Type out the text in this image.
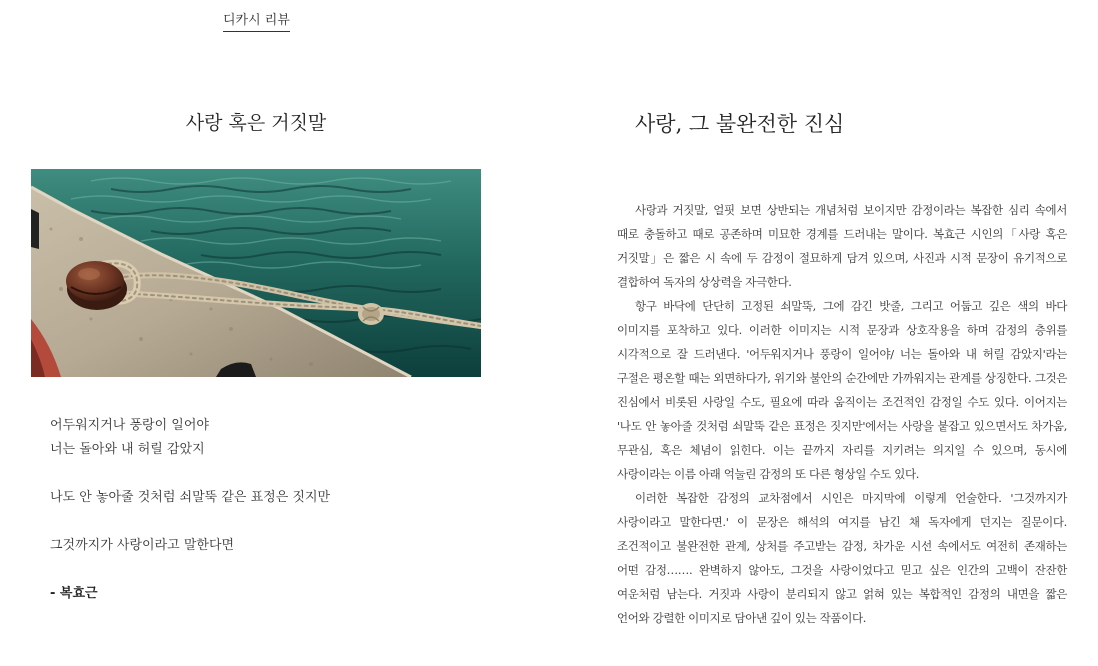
디카시 리뷰
사랑 혹은 거짓말
어두워지거나 풍랑이 일어야
너는 돌아와 내 허릴 감았지
나도 안 놓아줄 것처럼 쇠말뚝 같은 표정은 짓지만
그것까지가 사랑이라고 말한다면
- 복효근
사랑, 그 불완전한 진심

사랑과 거짓말, 얼핏 보면 상반되는 개념처럼 보이지만 감정이라는 복잡한 심리 속에서 때로 충돌하고 때로 공존하며 미묘한 경계를 드러내는 말이다. 복효근 시인의「사랑 혹은 거짓말」은 짧은 시 속에 두 감정이 절묘하게 담겨 있으며, 사진과 시적 문장이 유기적으로 결합하여 독자의 상상력을 자극한다.

항구 바닥에 단단히 고정된 쇠말뚝, 그에 감긴 밧줄, 그리고 어둡고 깊은 색의 바다 이미지를 포착하고 있다. 이러한 이미지는 시적 문장과 상호작용을 하며 감정의 층위를 시각적으로 잘 드러낸다. '어두워지거나 풍랑이 일어야/ 너는 돌아와 내 허릴 감았지'라는 구절은 평온할 때는 외면하다가, 위기와 불안의 순간에만 가까워지는 관계를 상징한다. 그것은 진심에서 비롯된 사랑일 수도, 필요에 따라 움직이는 조건적인 감정일 수도 있다. 이어지는 '나도 안 놓아줄 것처럼 쇠말뚝 같은 표정은 짓지만'에서는 사랑을 붙잡고 있으면서도 차가움, 무관심, 혹은 체념이 읽힌다. 이는 끝까지 자리를 지키려는 의지일 수 있으며, 동시에 사랑이라는 이름 아래 억눌린 감정의 또 다른 형상일 수도 있다.

이러한 복잡한 감정의 교차점에서 시인은 마지막에 이렇게 언술한다. '그것까지가 사랑이라고 말한다면.' 이 문장은 해석의 여지를 남긴 채 독자에게 던지는 질문이다. 조건적이고 불완전한 관계, 상처를 주고받는 감정, 차가운 시선 속에서도 여전히 존재하는 어떤 감정……. 완벽하지 않아도, 그것을 사랑이었다고 믿고 싶은 인간의 고백이 잔잔한 여운처럼 남는다. 거짓과 사랑이 분리되지 않고 얽혀 있는 복합적인 감정의 내면을 짧은 언어와 강렬한 이미지로 담아낸 깊이 있는 작품이다.
